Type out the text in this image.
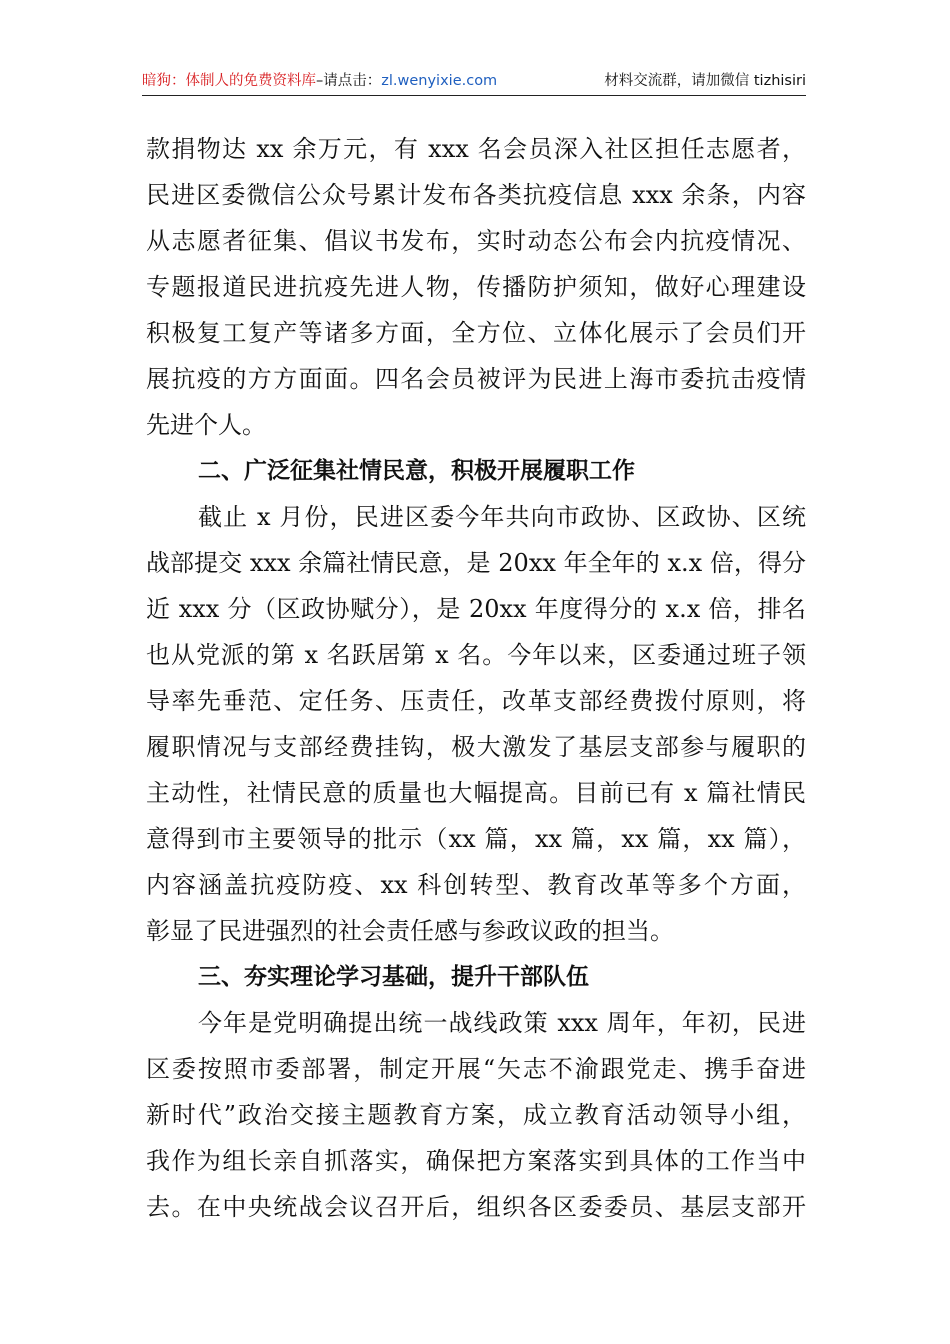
暗狗：体制人的免费资料库–请点击：zl.wenyixie.com	材料交流群，请加微信 tizhisiri
款捐物达 xx 余万元，有 xxx 名会员深入社区担任志愿者，
民进区委微信公众号累计发布各类抗疫信息 xxx 余条，内容
从志愿者征集、倡议书发布，实时动态公布会内抗疫情况、
专题报道民进抗疫先进人物，传播防护须知，做好心理建设
积极复工复产等诸多方面，全方位、立体化展示了会员们开
展抗疫的方方面面。四名会员被评为民进上海市委抗击疫情
先进个人。
二、广泛征集社情民意，积极开展履职工作
截止 x 月份，民进区委今年共向市政协、区政协、区统
战部提交 xxx 余篇社情民意，是 20xx 年全年的 x.x 倍，得分
近 xxx 分（区政协赋分），是 20xx 年度得分的 x.x 倍，排名
也从党派的第 x 名跃居第 x 名。今年以来，区委通过班子领
导率先垂范、定任务、压责任，改革支部经费拨付原则，将
履职情况与支部经费挂钩，极大激发了基层支部参与履职的
主动性，社情民意的质量也大幅提高。目前已有 x 篇社情民
意得到市主要领导的批示（xx 篇，xx 篇，xx 篇，xx 篇），
内容涵盖抗疫防疫、xx 科创转型、教育改革等多个方面，
彰显了民进强烈的社会责任感与参政议政的担当。
三、夯实理论学习基础，提升干部队伍
今年是党明确提出统一战线政策 xxx 周年，年初，民进
区委按照市委部署，制定开展“矢志不渝跟党走、携手奋进
新时代”政治交接主题教育方案，成立教育活动领导小组，
我作为组长亲自抓落实，确保把方案落实到具体的工作当中
去。在中央统战会议召开后，组织各区委委员、基层支部开
